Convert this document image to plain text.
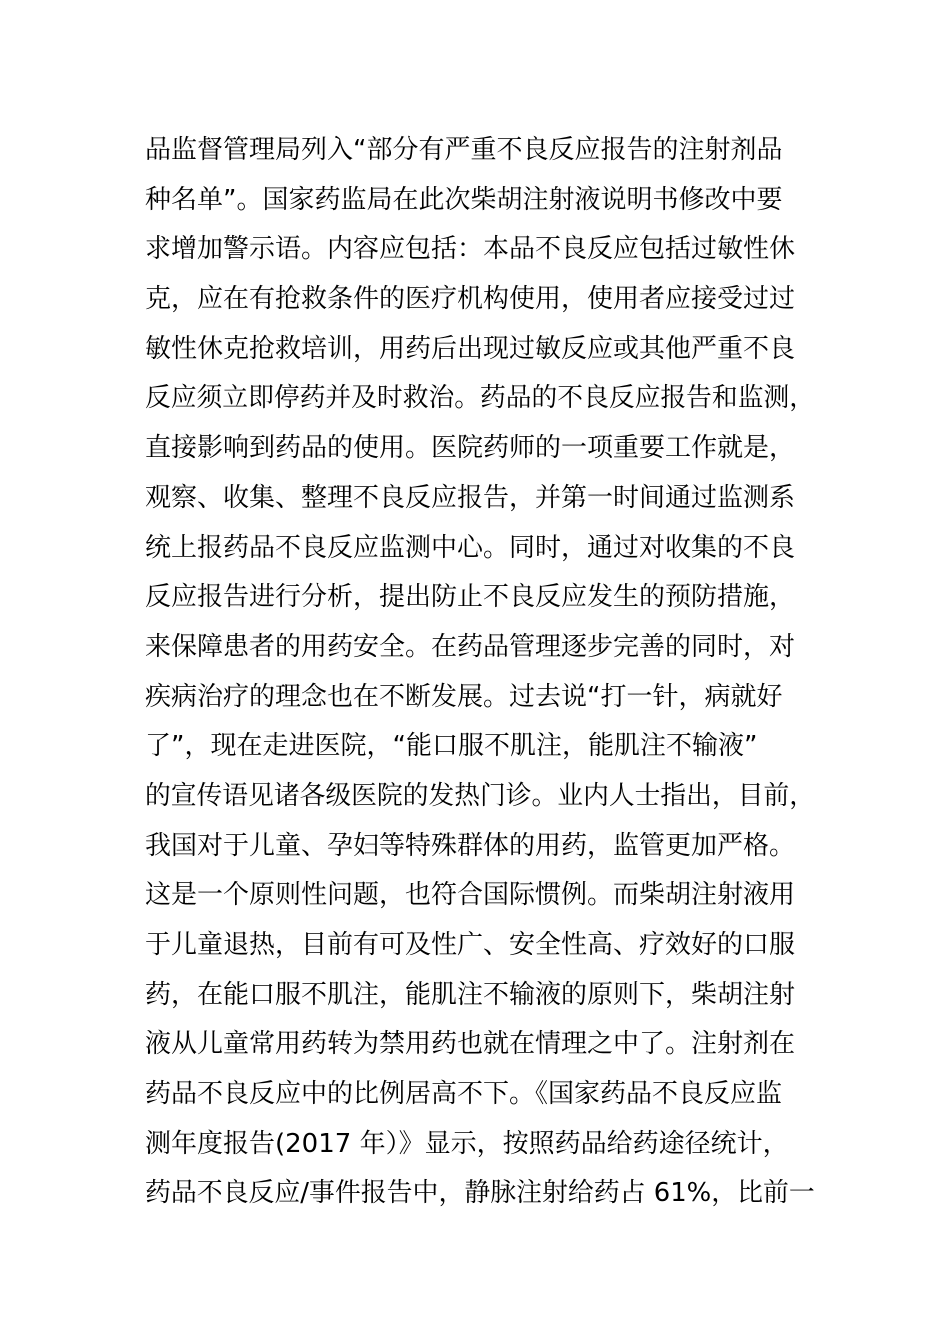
品监督管理局列入“部分有严重不良反应报告的注射剂品
种名单”。国家药监局在此次柴胡注射液说明书修改中要
求增加警示语。内容应包括：本品不良反应包括过敏性休
克，应在有抢救条件的医疗机构使用，使用者应接受过过
敏性休克抢救培训，用药后出现过敏反应或其他严重不良
反应须立即停药并及时救治。药品的不良反应报告和监测，
直接影响到药品的使用。医院药师的一项重要工作就是，
观察、收集、整理不良反应报告，并第一时间通过监测系
统上报药品不良反应监测中心。同时，通过对收集的不良
反应报告进行分析，提出防止不良反应发生的预防措施，
来保障患者的用药安全。在药品管理逐步完善的同时，对
疾病治疗的理念也在不断发展。过去说“打一针，病就好
了”，现在走进医院，“能口服不肌注，能肌注不输液”
的宣传语见诸各级医院的发热门诊。业内人士指出，目前，
我国对于儿童、孕妇等特殊群体的用药，监管更加严格。
这是一个原则性问题，也符合国际惯例。而柴胡注射液用
于儿童退热，目前有可及性广、安全性高、疗效好的口服
药，在能口服不肌注，能肌注不输液的原则下，柴胡注射
液从儿童常用药转为禁用药也就在情理之中了。注射剂在
药品不良反应中的比例居高不下。《国家药品不良反应监
测年度报告(2017 年）》显示，按照药品给药途径统计，
药品不良反应/事件报告中，静脉注射给药占 61%，比前一
